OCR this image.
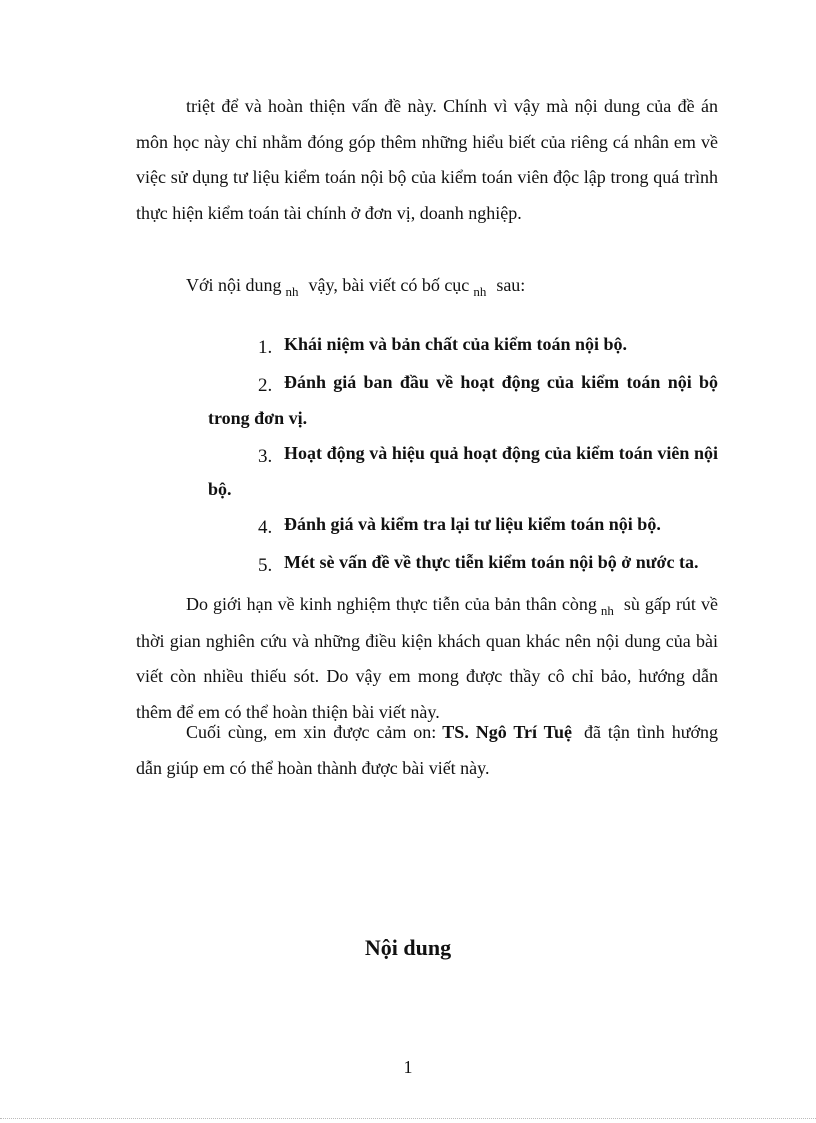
triệt để và hoàn thiện vấn đề này. Chính vì vậy mà nội dung của đề án môn học này chỉ nhằm đóng góp thêm những hiểu biết của riêng cá nhân em về việc sử dụng tư liệu kiểm toán nội bộ của kiểm toán viên độc lập trong quá trình thực hiện kiểm toán tài chính ở đơn vị, doanh nghiệp.

Với nội dung $_{nh}$ vậy, bài viết có bố cục $_{nh}$ sau:

1. Khái niệm và bản chất của kiểm toán nội bộ.
2. Đánh giá ban đầu về hoạt động của kiểm toán nội bộ trong đơn vị.
3. Hoạt động và hiệu quả hoạt động của kiểm toán viên nội bộ.
4. Đánh giá và kiểm tra lại tư liệu kiểm toán nội bộ.
5. Mét sè vấn đề về thực tiễn kiểm toán nội bộ ở nước ta.

Do giới hạn về kinh nghiệm thực tiễn của bản thân còng $_{nh}$ sù gấp rút về thời gian nghiên cứu và những điều kiện khách quan khác nên nội dung của bài viết còn nhiều thiếu sót. Do vậy em mong được thầy cô chỉ bảo, hướng dẫn thêm để em có thể hoàn thiện bài viết này.

Cuối cùng, em xin được cảm on: TS. Ngô Trí Tuệ đã tận tình hướng dẫn giúp em có thể hoàn thành được bài viết này.

Nội dung
1
